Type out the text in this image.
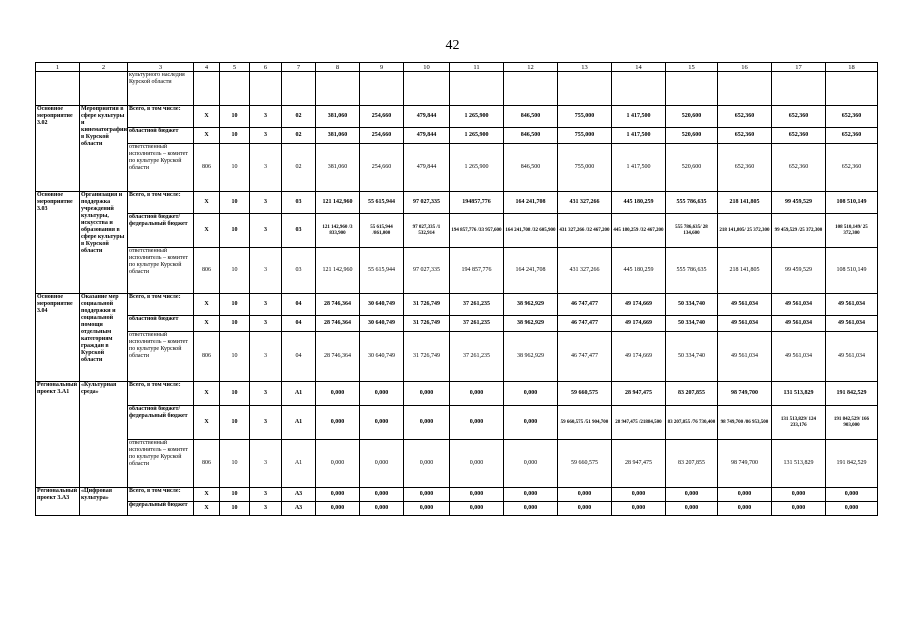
42
1	2	3	4	5	6	7	8	9	10	11	12	13	14	15	16	17	18
		культурного наследия Курской области															
Основное мероприятие 3.02	Мероприятия в сфере культуры и кинематографии в Курской области	Всего, в том числе:	X	10	3	02	381,060	254,660	479,844	1 265,900	846,500	755,000	1 417,500	520,600	652,360	652,360	652,360
		областной бюджет	X	10	3	02	381,060	254,660	479,844	1 265,900	846,500	755,000	1 417,500	520,600	652,360	652,360	652,360
		ответственный исполнитель – комитет по культуре Курской области	806	10	3	02	381,060	254,660	479,844	1 265,900	846,500	755,000	1 417,500	520,600	652,360	652,360	652,360
Основное мероприятие 3.03	Организация и поддержка учреждений культуры, искусства и образования в сфере культуры в Курской области	Всего, в том числе:	X	10	3	03	121 142,960	55 615,944	97 027,335	194857,776	164 241,708	431 327,266	445 180,259	555 786,635	218 141,805	99 459,529	108 510,149
		областной бюджет/ федеральный бюджет	X	10	3	03	121 142,960 /3 833,900	55 615,944 /861,000	97 027,335 /1 532,914	194 857,776 /33 957,600	164 241,708 /32 605,900	431 327,266 /32 467,200	445 180,259 /32 467,200	555 786,635/ 28 134,600	218 141,805/ 25 372,300	99 459,529 /25 372,300	108 510,149/ 25 372,300
		ответственный исполнитель – комитет по культуре Курской области	806	10	3	03	121 142,960	55 615,944	97 027,335	194 857,776	164 241,708	431 327,266	445 180,259	555 786,635	218 141,805	99 459,529	108 510,149
Основное мероприятие 3.04	Оказание мер социальной поддержки и социальной помощи отдельным категориям граждан в Курской области	Всего, в том числе:	X	10	3	04	28 746,364	30 640,749	31 726,749	37 261,235	38 962,929	46 747,477	49 174,669	50 334,740	49 561,034	49 561,034	49 561,034
		областной бюджет	X	10	3	04	28 746,364	30 640,749	31 726,749	37 261,235	38 962,929	46 747,477	49 174,669	50 334,740	49 561,034	49 561,034	49 561,034
		ответственный исполнитель – комитет по культуре Курской области	806	10	3	04	28 746,364	30 640,749	31 726,749	37 261,235	38 962,929	46 747,477	49 174,669	50 334,740	49 561,034	49 561,034	49 561,034
Региональный проект 3.А1	«Культурная среда»	Всего, в том числе:	X	10	3	А1	0,000	0,000	0,000	0,000	0,000	59 660,575	28 947,475	83 207,855	98 749,700	131 513,829	191 842,529
		областной бюджет/ федеральный бюджет	X	10	3	А1	0,000	0,000	0,000	0,000	0,000	59 660,575 /51 904,700	28 947,475 /21884,500	83 207,855 /76 730,400	98 749,700 /86 953,500	131 513,829/ 124 233,176	191 842,529/ 166 903,000
		ответственный исполнитель – комитет по культуре Курской области	806	10	3	А1	0,000	0,000	0,000	0,000	0,000	59 660,575	28 947,475	83 207,855	98 749,700	131 513,829	191 842,529
Региональный проект 3.А3	«Цифровая культура»	Всего, в том числе:	X	10	3	А3	0,000	0,000	0,000	0,000	0,000	0,000	0,000	0,000	0,000	0,000	0,000
		федеральный бюджет	X	10	3	А3	0,000	0,000	0,000	0,000	0,000	0,000	0,000	0,000	0,000	0,000	0,000
